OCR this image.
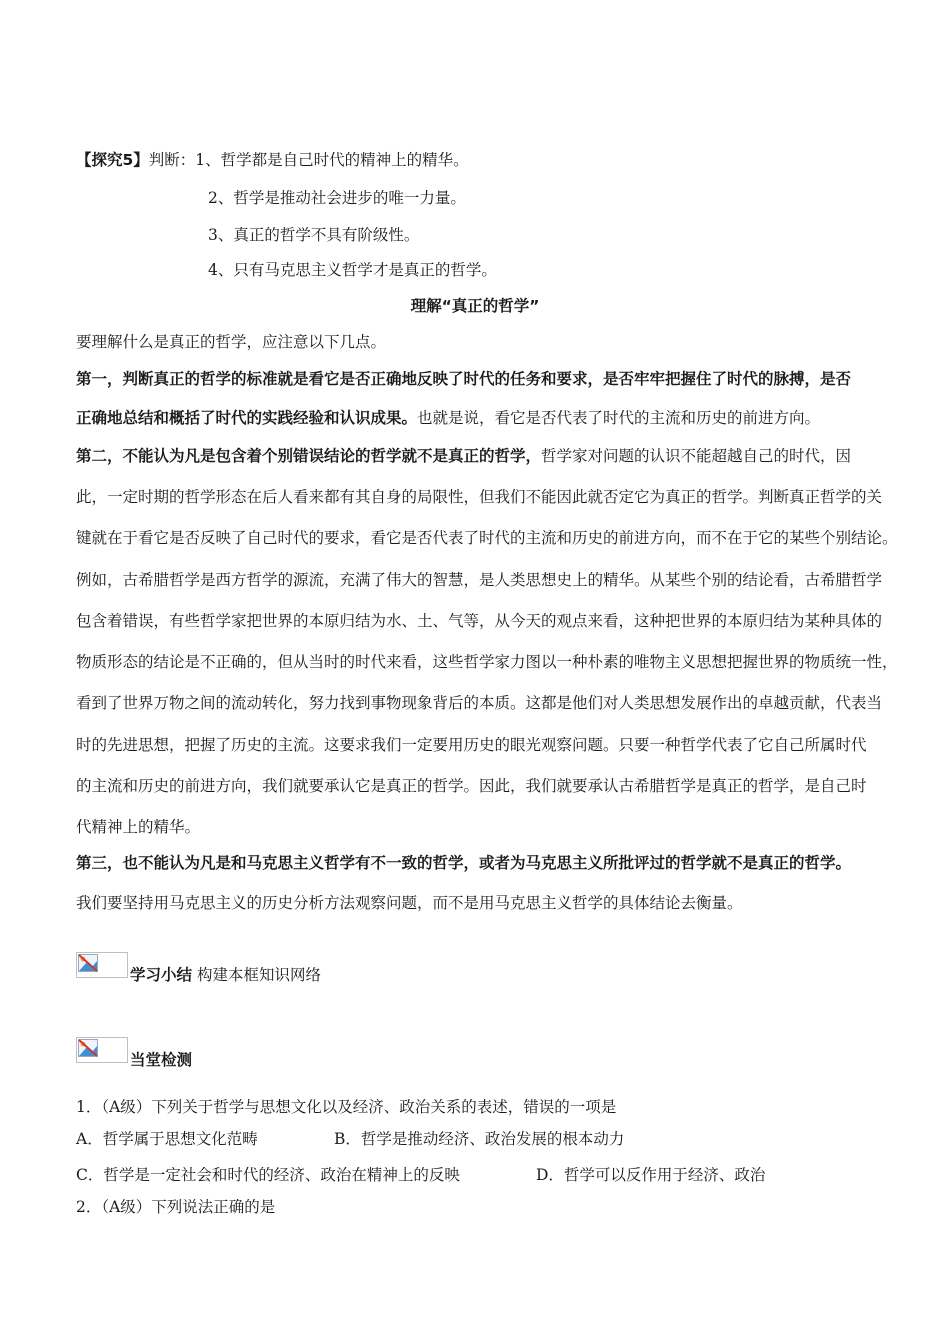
【探究5】判断：1、哲学都是自己时代的精神上的精华。
2、哲学是推动社会进步的唯一力量。
3、真正的哲学不具有阶级性。
4、只有马克思主义哲学才是真正的哲学。
理解“真正的哲学”
要理解什么是真正的哲学，应注意以下几点。
第一，判断真正的哲学的标准就是看它是否正确地反映了时代的任务和要求，是否牢牢把握住了时代的脉搏，是否
正确地总结和概括了时代的实践经验和认识成果。也就是说，看它是否代表了时代的主流和历史的前进方向。
第二，不能认为凡是包含着个别错误结论的哲学就不是真正的哲学，哲学家对问题的认识不能超越自己的时代，因
此，一定时期的哲学形态在后人看来都有其自身的局限性，但我们不能因此就否定它为真正的哲学。判断真正哲学的关
键就在于看它是否反映了自己时代的要求，看它是否代表了时代的主流和历史的前进方向，而不在于它的某些个别结论。
例如，古希腊哲学是西方哲学的源流，充满了伟大的智慧，是人类思想史上的精华。从某些个别的结论看，古希腊哲学
包含着错误，有些哲学家把世界的本原归结为水、土、气等，从今天的观点来看，这种把世界的本原归结为某种具体的
物质形态的结论是不正确的，但从当时的时代来看，这些哲学家力图以一种朴素的唯物主义思想把握世界的物质统一性，
看到了世界万物之间的流动转化，努力找到事物现象背后的本质。这都是他们对人类思想发展作出的卓越贡献，代表当
时的先进思想，把握了历史的主流。这要求我们一定要用历史的眼光观察问题。只要一种哲学代表了它自己所属时代
的主流和历史的前进方向，我们就要承认它是真正的哲学。因此，我们就要承认古希腊哲学是真正的哲学，是自己时
代精神上的精华。
第三，也不能认为凡是和马克思主义哲学有不一致的哲学，或者为马克思主义所批评过的哲学就不是真正的哲学。
我们要坚持用马克思主义的历史分析方法观察问题，而不是用马克思主义哲学的具体结论去衡量。
学习小结 构建本框知识网络
当堂检测
1．（A级）下列关于哲学与思想文化以及经济、政治关系的表述，错误的一项是
A．哲学属于思想文化范畴	B．哲学是推动经济、政治发展的根本动力
C．哲学是一定社会和时代的经济、政治在精神上的反映	D．哲学可以反作用于经济、政治
2．（A级）下列说法正确的是
